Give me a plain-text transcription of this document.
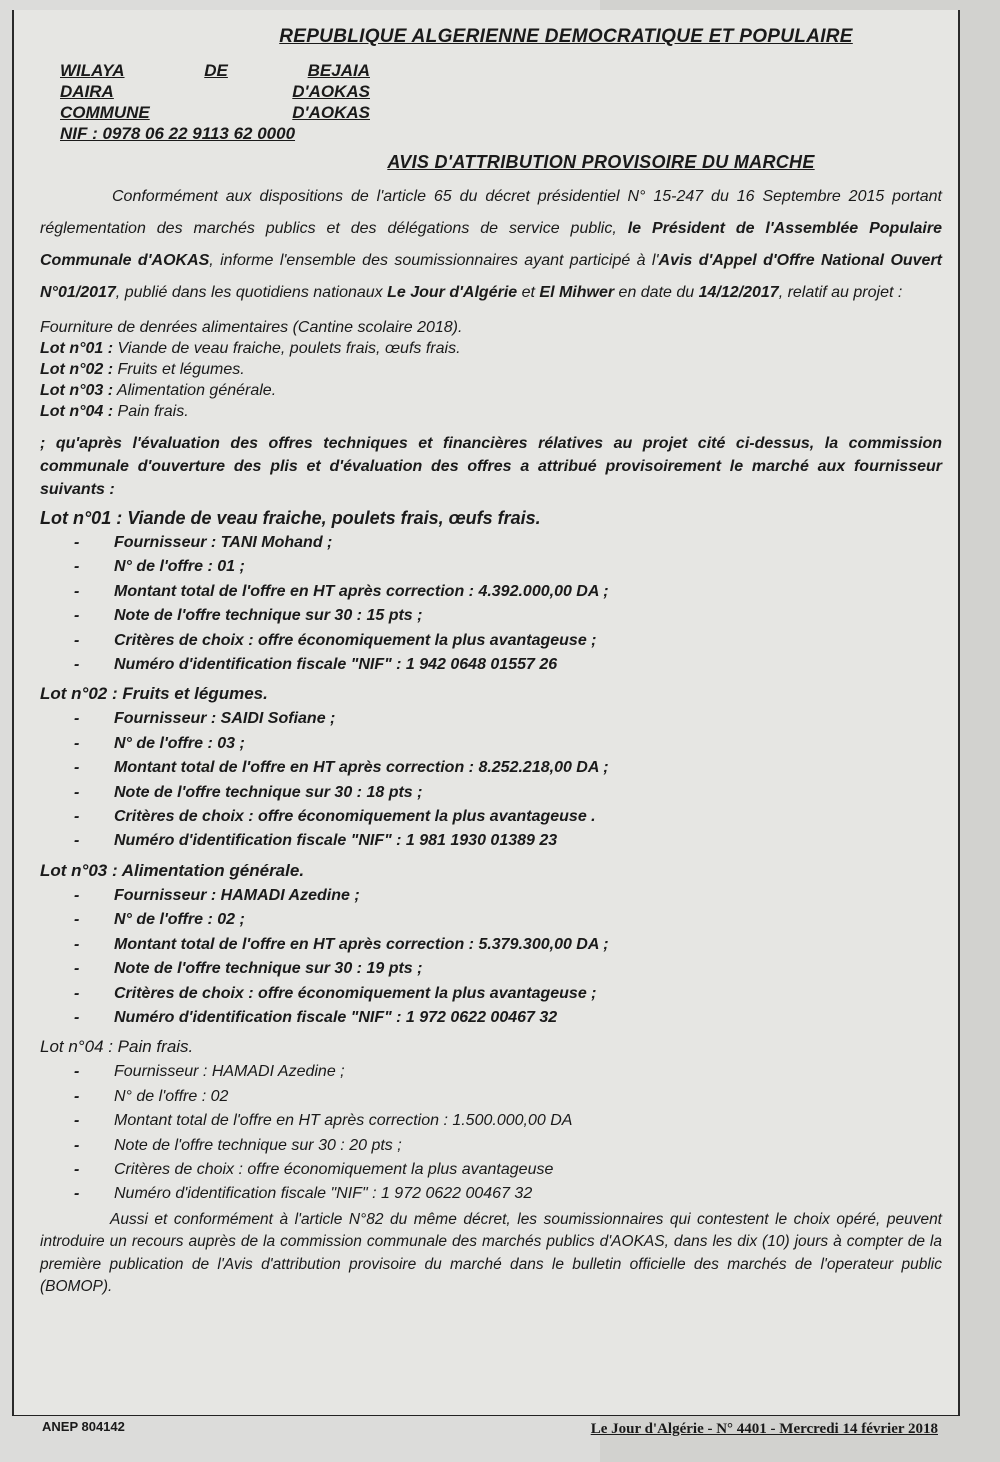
REPUBLIQUE ALGERIENNE DEMOCRATIQUE ET POPULAIRE
WILAYA	DE	BEJAIA
DAIRA	D'AOKAS
COMMUNE	D'AOKAS
NIF : 0978 06 22 9113 62 0000
AVIS D'ATTRIBUTION PROVISOIRE DU MARCHE
Conformément aux dispositions de l'article 65 du décret présidentiel N° 15-247 du 16 Septembre 2015 portant réglementation des marchés publics et des délégations de service public, le Président de l'Assemblée Populaire Communale d'AOKAS, informe l'ensemble des soumissionnaires ayant participé à l'Avis d'Appel d'Offre National Ouvert N°01/2017, publié dans les quotidiens nationaux Le Jour d'Algérie et El Mihwer en date du 14/12/2017, relatif au projet :
Fourniture de denrées alimentaires (Cantine scolaire 2018).
Lot n°01 : Viande de veau fraiche, poulets frais, œufs frais.
Lot n°02 : Fruits et légumes.
Lot n°03 : Alimentation générale.
Lot n°04 : Pain frais.
; qu'après l'évaluation des offres techniques et financières rélatives au projet cité ci-dessus, la commission communale d'ouverture des plis et d'évaluation des offres a attribué provisoirement le marché aux fournisseur suivants :
Lot n°01 : Viande de veau fraiche, poulets frais, œufs frais.
- Fournisseur : TANI Mohand ;
- N° de l'offre : 01 ;
- Montant total de l'offre en HT après correction : 4.392.000,00 DA ;
- Note de l'offre technique sur 30 : 15 pts ;
- Critères de choix : offre économiquement la plus avantageuse ;
- Numéro d'identification fiscale "NIF" : 1 942 0648 01557 26
Lot n°02 : Fruits et légumes.
- Fournisseur : SAIDI Sofiane ;
- N° de l'offre : 03 ;
- Montant total de l'offre en HT après correction : 8.252.218,00 DA ;
- Note de l'offre technique sur 30 : 18 pts ;
- Critères de choix : offre économiquement la plus avantageuse .
- Numéro d'identification fiscale "NIF" : 1 981 1930 01389 23
Lot n°03 : Alimentation générale.
- Fournisseur : HAMADI Azedine ;
- N° de l'offre : 02 ;
- Montant total de l'offre en HT après correction : 5.379.300,00 DA ;
- Note de l'offre technique sur 30 : 19 pts ;
- Critères de choix : offre économiquement la plus avantageuse ;
- Numéro d'identification fiscale "NIF" : 1 972 0622 00467 32
Lot n°04 : Pain frais.
- Fournisseur : HAMADI Azedine ;
- N° de l'offre : 02
- Montant total de l'offre en HT après correction : 1.500.000,00 DA
- Note de l'offre technique sur 30 : 20 pts ;
- Critères de choix : offre économiquement la plus avantageuse
- Numéro d'identification fiscale "NIF" : 1 972 0622 00467 32
Aussi et conformément à l'article N°82 du même décret, les soumissionnaires qui contestent le choix opéré, peuvent introduire un recours auprès de la commission communale des marchés publics d'AOKAS, dans les dix (10) jours à compter de la première publication de l'Avis d'attribution provisoire du marché dans le bulletin officielle des marchés de l'operateur public (BOMOP).
ANEP 804142	Le Jour d'Algérie - N° 4401 - Mercredi 14 février 2018
